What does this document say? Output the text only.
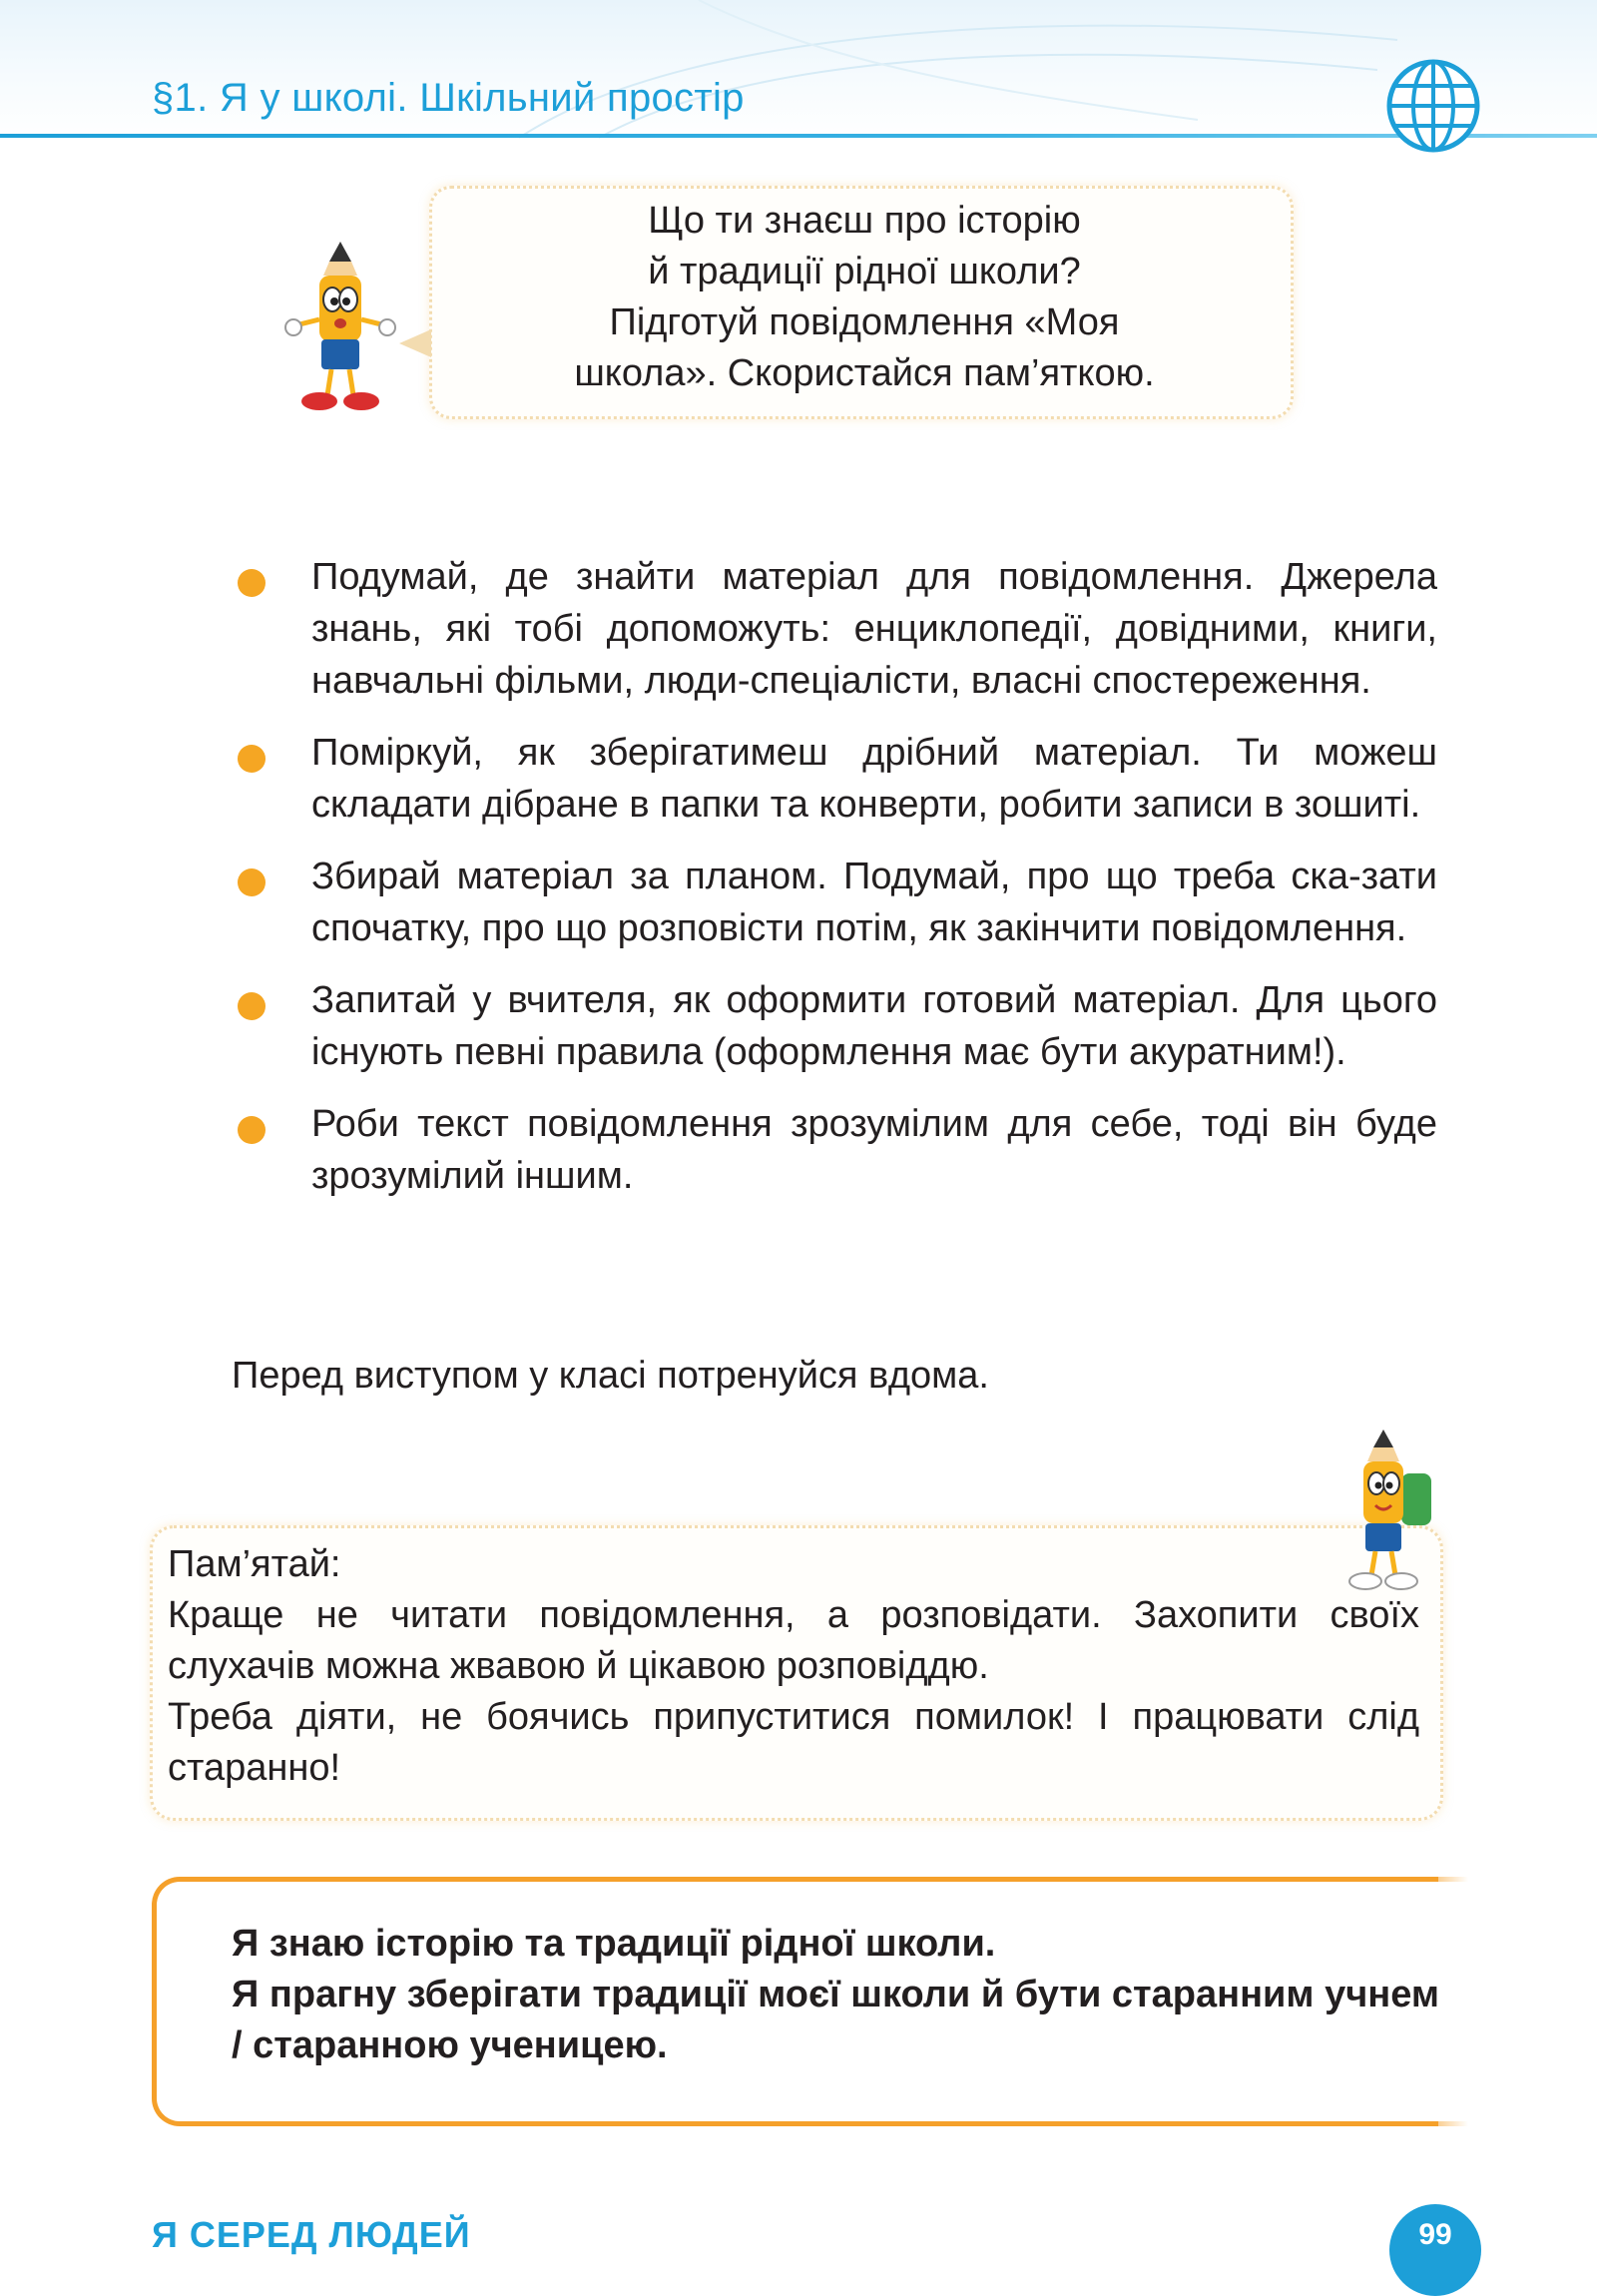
§1. Я у школі. Шкільний простір
Що ти знаєш про історію
й традиції рідної школи?
Підготуй повідомлення «Моя
школа». Скористайся пам’яткою.
Подумай, де знайти матеріал для повідомлення. Джерела знань, які тобі допоможуть: енциклопедії, довідними, книги, навчальні фільми, люди-спеціалісти, власні спостереження.
Поміркуй, як зберігатимеш дрібний матеріал. Ти можеш складати дібране в папки та конверти, робити записи в зошиті.
Збирай матеріал за планом. Подумай, про що треба ска-зати спочатку, про що розповісти потім, як закінчити повідомлення.
Запитай у вчителя, як оформити готовий матеріал. Для цього існують певні правила (оформлення має бути акуратним!).
Роби текст повідомлення зрозумілим для себе, тоді він буде зрозумілий іншим.
Перед виступом у класі потренуйся вдома.
Пам’ятай:
Краще не читати повідомлення, а розповідати. Захопити своїх слухачів можна жвавою й цікавою розповіддю.
Треба діяти, не боячись припуститися помилок! І працювати слід старанно!
Я знаю історію та традиції рідної школи.
Я прагну зберігати традиції моєї школи й бути старанним учнем / старанною ученицею.
Я СЕРЕД ЛЮДЕЙ	99
